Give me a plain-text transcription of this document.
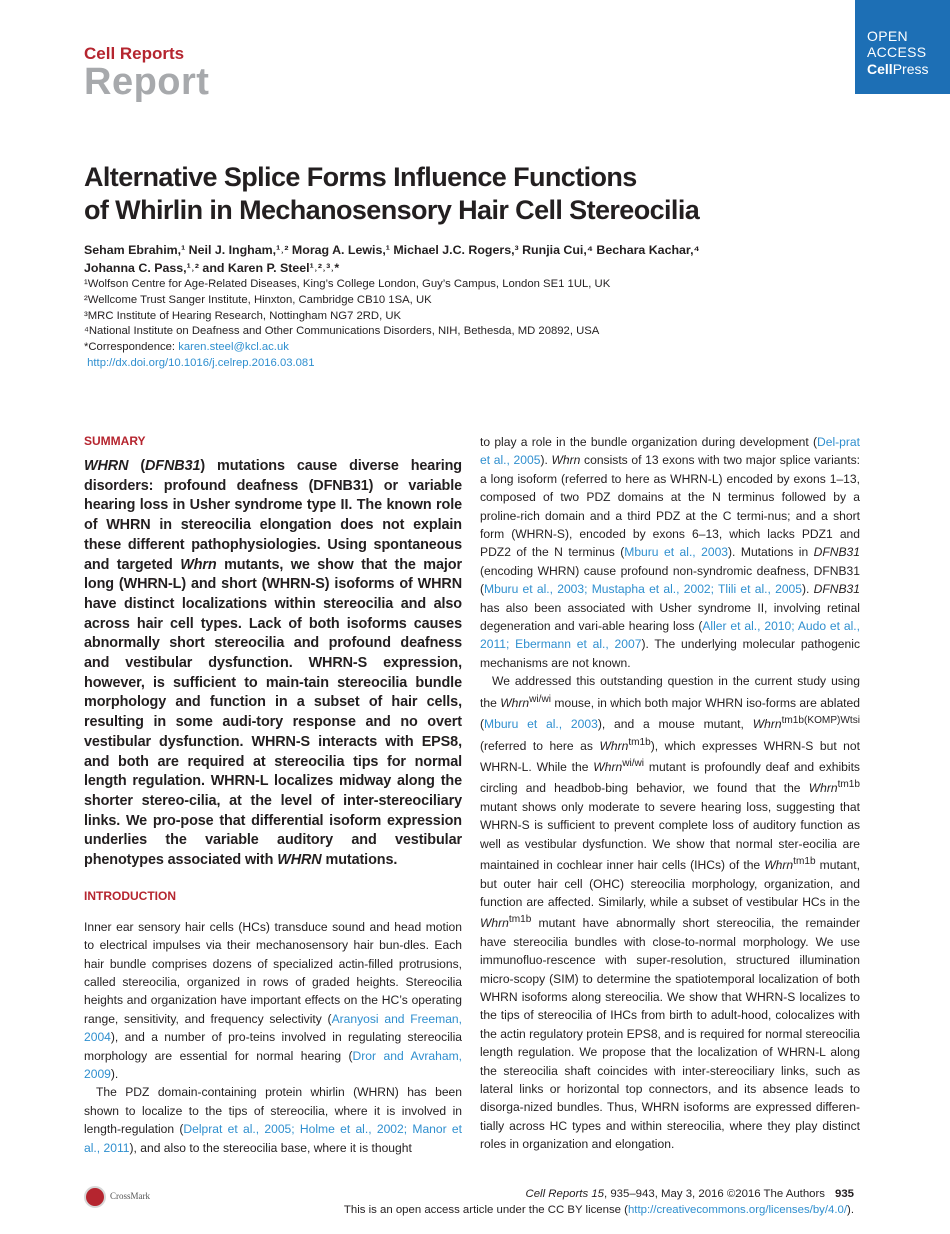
Cell Reports
Report
OPEN
ACCESS
CellPress
Alternative Splice Forms Influence Functions
of Whirlin in Mechanosensory Hair Cell Stereocilia
Seham Ebrahim,¹ Neil J. Ingham,¹˒² Morag A. Lewis,¹ Michael J.C. Rogers,³ Runjia Cui,⁴ Bechara Kachar,⁴
Johanna C. Pass,¹˒² and Karen P. Steel¹˒²˒³˒*
¹Wolfson Centre for Age-Related Diseases, King’s College London, Guy’s Campus, London SE1 1UL, UK
²Wellcome Trust Sanger Institute, Hinxton, Cambridge CB10 1SA, UK
³MRC Institute of Hearing Research, Nottingham NG7 2RD, UK
⁴National Institute on Deafness and Other Communications Disorders, NIH, Bethesda, MD 20892, USA
*Correspondence: karen.steel@kcl.ac.uk
http://dx.doi.org/10.1016/j.celrep.2016.03.081
SUMMARY

WHRN (DFNB31) mutations cause diverse hearing disorders: profound deafness (DFNB31) or variable hearing loss in Usher syndrome type II. The known role of WHRN in stereocilia elongation does not explain these different pathophysiologies. Using spontaneous and targeted Whrn mutants, we show that the major long (WHRN-L) and short (WHRN-S) isoforms of WHRN have distinct localizations within stereocilia and also across hair cell types. Lack of both isoforms causes abnormally short stereocilia and profound deafness and vestibular dysfunction. WHRN-S expression, however, is sufficient to main-tain stereocilia bundle morphology and function in a subset of hair cells, resulting in some audi-tory response and no overt vestibular dysfunction. WHRN-S interacts with EPS8, and both are required at stereocilia tips for normal length regulation. WHRN-L localizes midway along the shorter stereo-cilia, at the level of inter-stereociliary links. We pro-pose that differential isoform expression underlies the variable auditory and vestibular phenotypes associated with WHRN mutations.

INTRODUCTION

Inner ear sensory hair cells (HCs) transduce sound and head motion to electrical impulses via their mechanosensory hair bun-dles. Each hair bundle comprises dozens of specialized actin-filled protrusions, called stereocilia, organized in rows of graded heights. Stereocilia heights and organization have important effects on the HC’s operating range, sensitivity, and frequency selectivity (Aranyosi and Freeman, 2004), and a number of pro-teins involved in regulating stereocilia morphology are essential for normal hearing (Dror and Avraham, 2009).

The PDZ domain-containing protein whirlin (WHRN) has been shown to localize to the tips of stereocilia, where it is involved in length-regulation (Delprat et al., 2005; Holme et al., 2002; Manor et al., 2011), and also to the stereocilia base, where it is thought

to play a role in the bundle organization during development (Del-prat et al., 2005). Whrn consists of 13 exons with two major splice variants: a long isoform (referred to here as WHRN-L) encoded by exons 1–13, composed of two PDZ domains at the N terminus followed by a proline-rich domain and a third PDZ at the C termi-nus; and a short form (WHRN-S), encoded by exons 6–13, which lacks PDZ1 and PDZ2 of the N terminus (Mburu et al., 2003). Mutations in DFNB31 (encoding WHRN) cause profound non-syndromic deafness, DFNB31 (Mburu et al., 2003; Mustapha et al., 2002; Tlili et al., 2005). DFNB31 has also been associated with Usher syndrome II, involving retinal degeneration and vari-able hearing loss (Aller et al., 2010; Audo et al., 2011; Ebermann et al., 2007). The underlying molecular pathogenic mechanisms are not known.

We addressed this outstanding question in the current study using the Whrn$^{wi/wi}$ mouse, in which both major WHRN iso-forms are ablated (Mburu et al., 2003), and a mouse mutant, Whrn$^{tm1b(KOMP)Wtsi}$ (referred to here as Whrn$^{tm1b}$), which expresses WHRN-S but not WHRN-L. While the Whrn$^{wi/wi}$ mutant is profoundly deaf and exhibits circling and headbob-bing behavior, we found that the Whrn$^{tm1b}$ mutant shows only moderate to severe hearing loss, suggesting that WHRN-S is sufficient to prevent complete loss of auditory function as well as vestibular dysfunction. We show that normal ster-eocilia are maintained in cochlear inner hair cells (IHCs) of the Whrn$^{tm1b}$ mutant, but outer hair cell (OHC) stereocilia morphology, organization, and function are affected. Similarly, while a subset of vestibular HCs in the Whrn$^{tm1b}$ mutant have abnormally short stereocilia, the remainder have stereocilia bundles with close-to-normal morphology. We use immunofluo-rescence with super-resolution, structured illumination micro-scopy (SIM) to determine the spatiotemporal localization of both WHRN isoforms along stereocilia. We show that WHRN-S localizes to the tips of stereocilia of IHCs from birth to adult-hood, colocalizes with the actin regulatory protein EPS8, and is required for normal stereocilia length regulation. We propose that the localization of WHRN-L along the stereocilia shaft coincides with inter-stereociliary links, such as lateral links or horizontal top connectors, and its absence leads to disorga-nized bundles. Thus, WHRN isoforms are expressed differen-tially across HC types and within stereocilia, where they play distinct roles in organization and elongation.

CrossMark	Cell Reports 15, 935–943, May 3, 2016 ©2016 The Authors 935
This is an open access article under the CC BY license (http://creativecommons.org/licenses/by/4.0/).
